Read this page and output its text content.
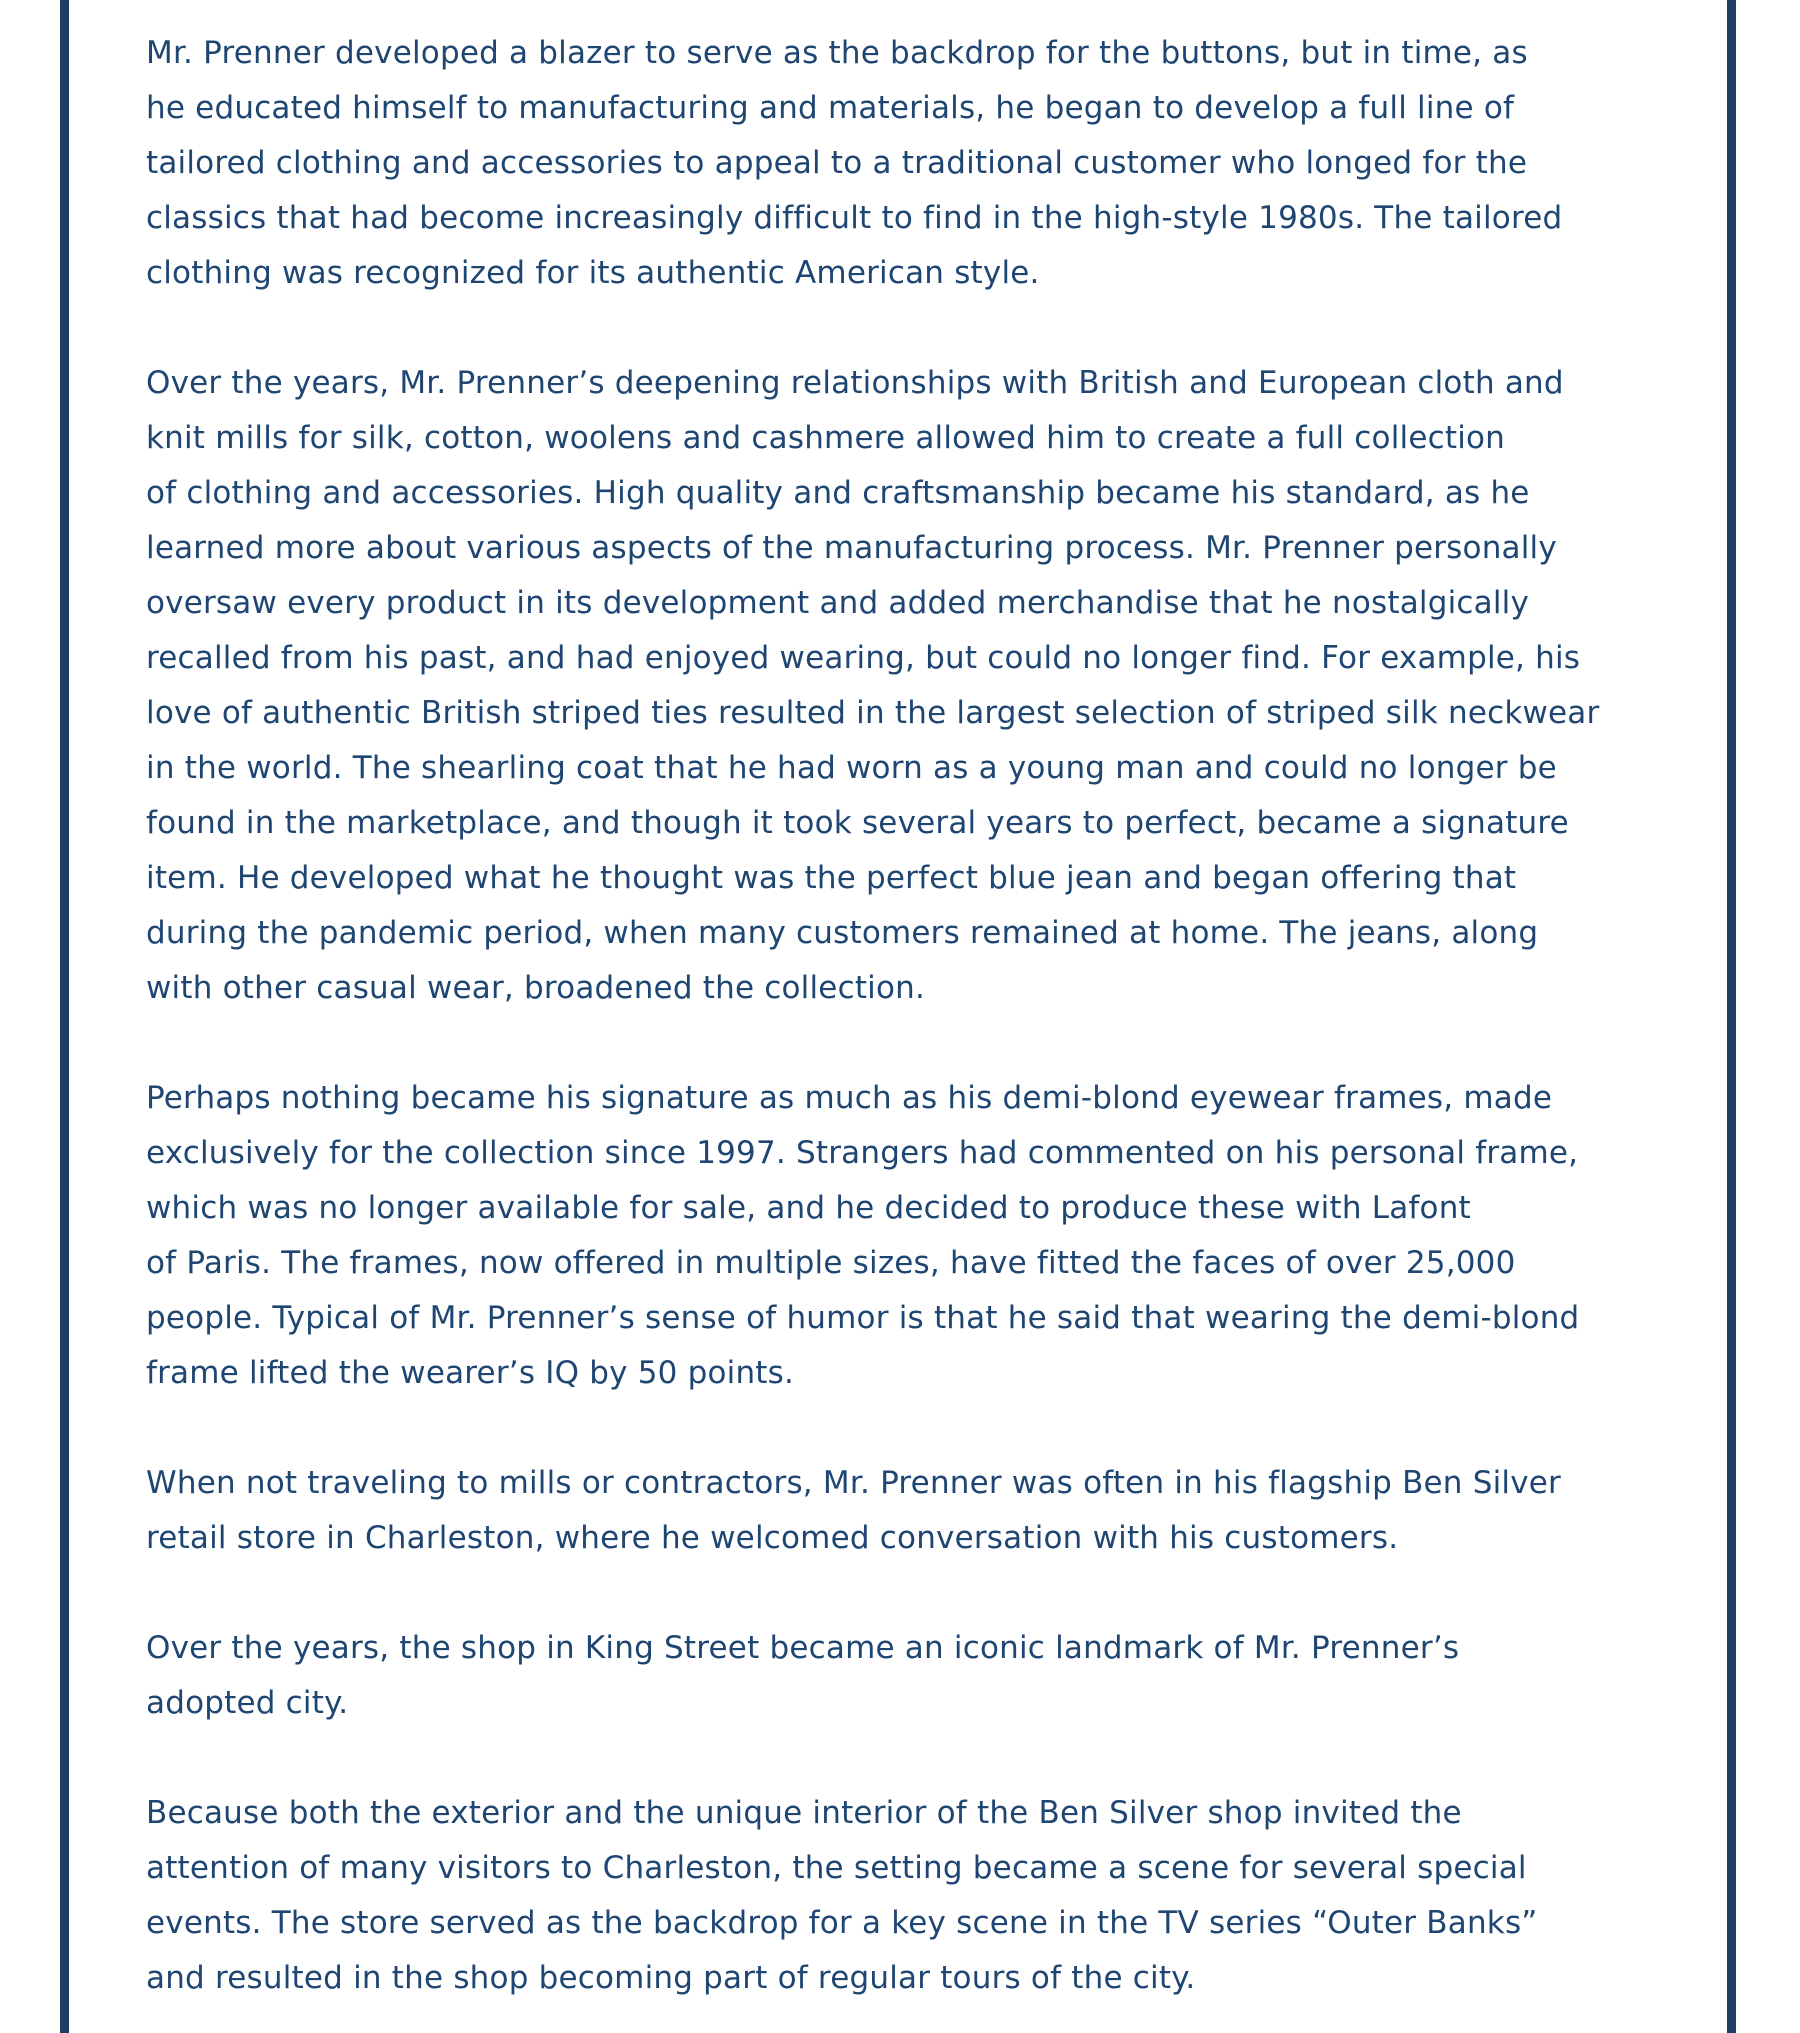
Mr. Prenner developed a blazer to serve as the backdrop for the buttons, but in time, as
he educated himself to manufacturing and materials, he began to develop a full line of
tailored clothing and accessories to appeal to a traditional customer who longed for the
classics that had become increasingly difficult to find in the high-style 1980s. The tailored
clothing was recognized for its authentic American style.

Over the years, Mr. Prenner’s deepening relationships with British and European cloth and
knit mills for silk, cotton, woolens and cashmere allowed him to create a full collection
of clothing and accessories. High quality and craftsmanship became his standard, as he
learned more about various aspects of the manufacturing process. Mr. Prenner personally
oversaw every product in its development and added merchandise that he nostalgically
recalled from his past, and had enjoyed wearing, but could no longer find. For example, his
love of authentic British striped ties resulted in the largest selection of striped silk neckwear
in the world. The shearling coat that he had worn as a young man and could no longer be
found in the marketplace, and though it took several years to perfect, became a signature
item. He developed what he thought was the perfect blue jean and began offering that
during the pandemic period, when many customers remained at home. The jeans, along
with other casual wear, broadened the collection.

Perhaps nothing became his signature as much as his demi-blond eyewear frames, made
exclusively for the collection since 1997. Strangers had commented on his personal frame,
which was no longer available for sale, and he decided to produce these with Lafont
of Paris. The frames, now offered in multiple sizes, have fitted the faces of over 25,000
people. Typical of Mr. Prenner’s sense of humor is that he said that wearing the demi-blond
frame lifted the wearer’s IQ by 50 points.

When not traveling to mills or contractors, Mr. Prenner was often in his flagship Ben Silver
retail store in Charleston, where he welcomed conversation with his customers.

Over the years, the shop in King Street became an iconic landmark of Mr. Prenner’s
adopted city.

Because both the exterior and the unique interior of the Ben Silver shop invited the
attention of many visitors to Charleston, the setting became a scene for several special
events. The store served as the backdrop for a key scene in the TV series “Outer Banks”
and resulted in the shop becoming part of regular tours of the city.
